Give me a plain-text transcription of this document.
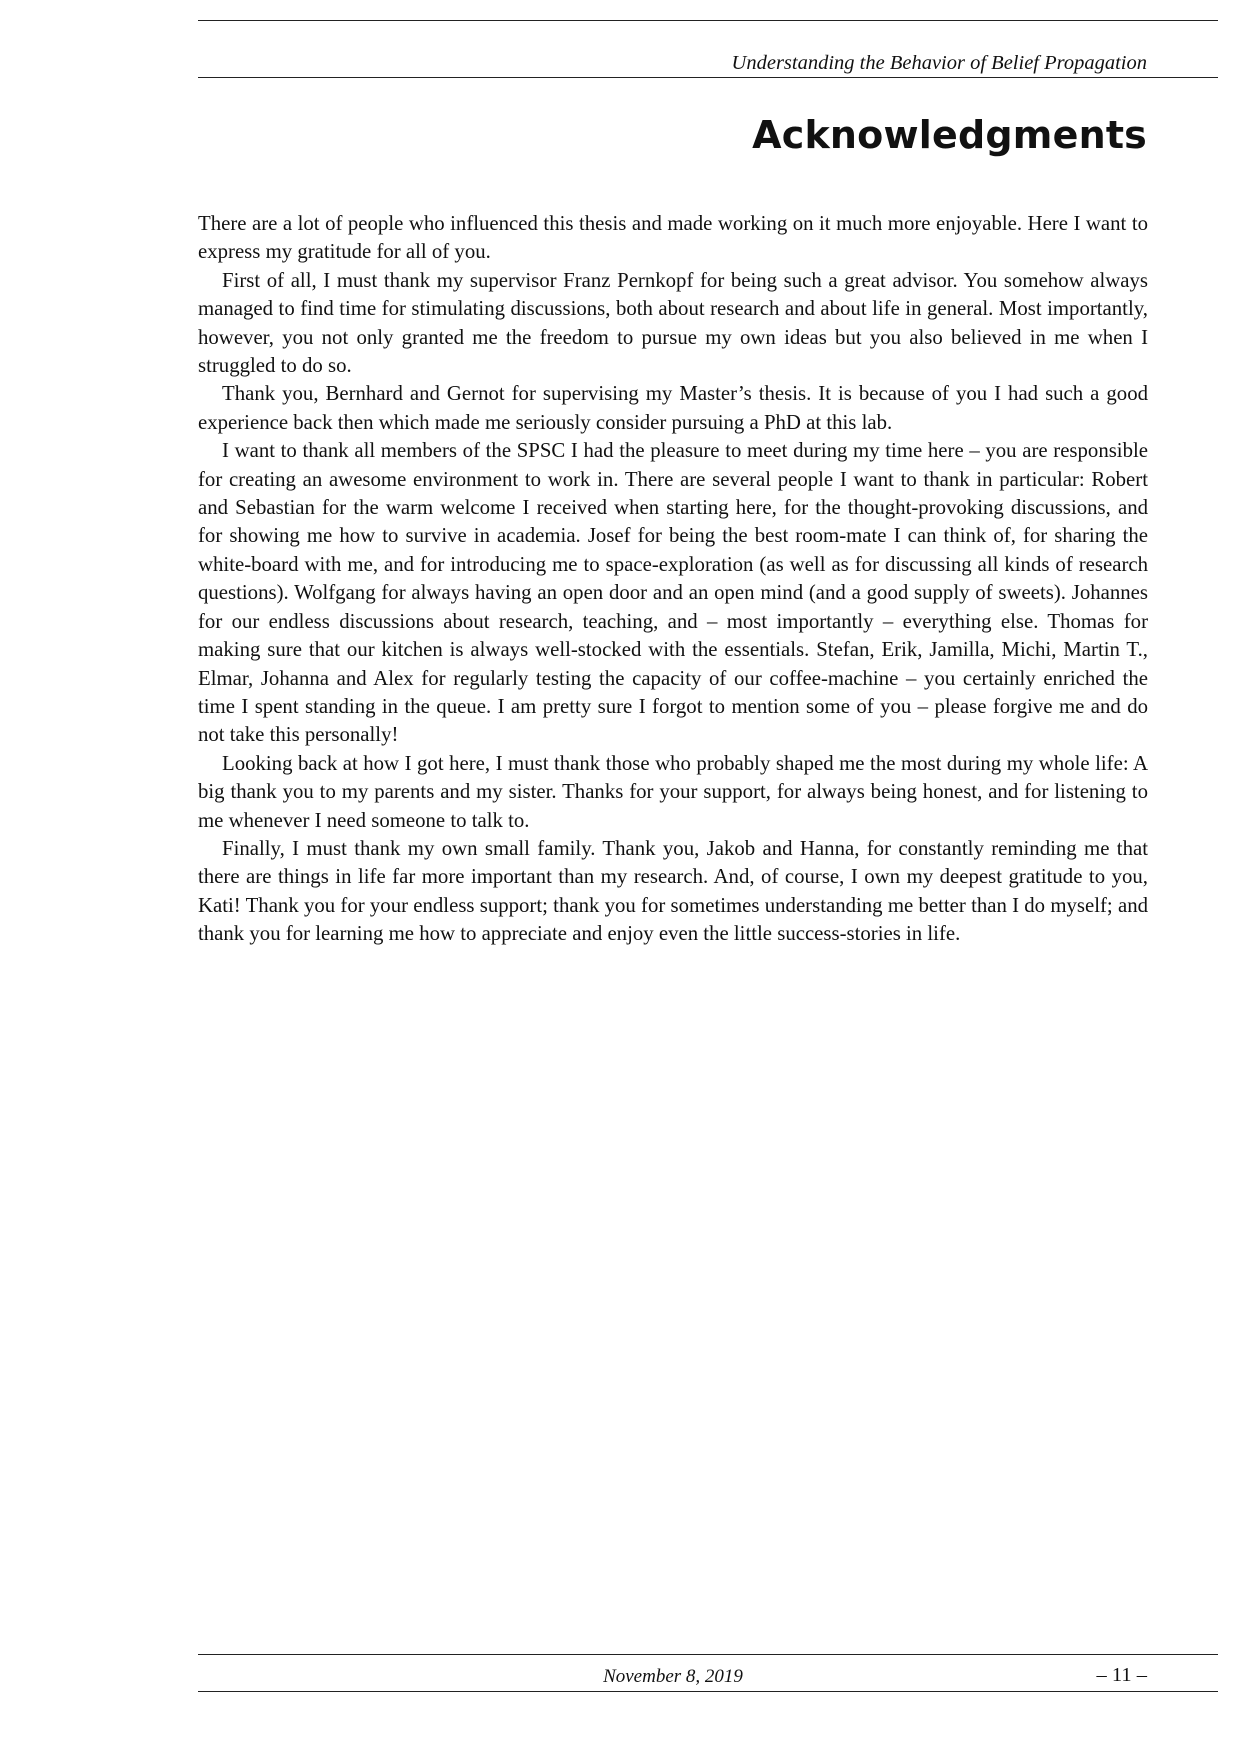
Understanding the Behavior of Belief Propagation
Acknowledgments

There are a lot of people who influenced this thesis and made working on it much more enjoyable. Here I want to express my gratitude for all of you.

First of all, I must thank my supervisor Franz Pernkopf for being such a great advisor. You somehow always managed to find time for stimulating discussions, both about research and about life in general. Most importantly, however, you not only granted me the freedom to pursue my own ideas but you also believed in me when I struggled to do so.

Thank you, Bernhard and Gernot for supervising my Master’s thesis. It is because of you I had such a good experience back then which made me seriously consider pursuing a PhD at this lab.

I want to thank all members of the SPSC I had the pleasure to meet during my time here – you are responsible for creating an awesome environment to work in. There are several people I want to thank in particular: Robert and Sebastian for the warm welcome I received when starting here, for the thought-provoking discussions, and for showing me how to survive in academia. Josef for being the best room-mate I can think of, for sharing the white-board with me, and for introducing me to space-exploration (as well as for discussing all kinds of research questions). Wolfgang for always having an open door and an open mind (and a good supply of sweets). Johannes for our endless discussions about research, teaching, and – most importantly – everything else. Thomas for making sure that our kitchen is always well-stocked with the essentials. Stefan, Erik, Jamilla, Michi, Martin T., Elmar, Johanna and Alex for regularly testing the capacity of our coffee-machine – you certainly enriched the time I spent standing in the queue. I am pretty sure I forgot to mention some of you – please forgive me and do not take this personally!

Looking back at how I got here, I must thank those who probably shaped me the most during my whole life: A big thank you to my parents and my sister. Thanks for your support, for always being honest, and for listening to me whenever I need someone to talk to.

Finally, I must thank my own small family. Thank you, Jakob and Hanna, for constantly reminding me that there are things in life far more important than my research. And, of course, I own my deepest gratitude to you, Kati! Thank you for your endless support; thank you for sometimes understanding me better than I do myself; and thank you for learning me how to appreciate and enjoy even the little success-stories in life.

November 8, 2019	– 11 –
